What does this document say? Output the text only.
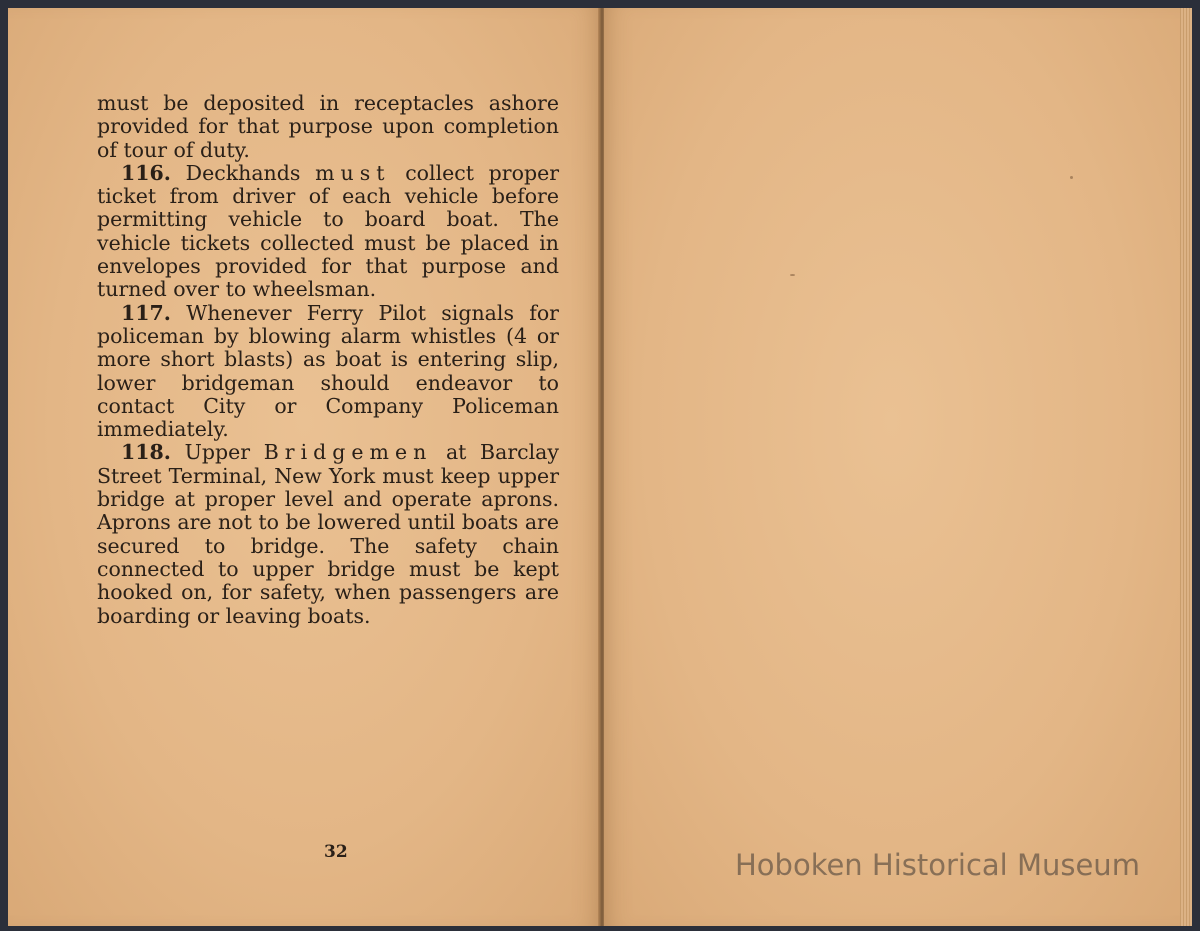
must be deposited in receptacles ashore provided for that purpose upon completion of tour of duty.

116. Deckhands must collect proper ticket from driver of each vehicle before permitting vehicle to board boat. The vehicle tickets collected must be placed in envelopes provided for that purpose and turned over to wheelsman.

117. Whenever Ferry Pilot signals for policeman by blowing alarm whistles (4 or more short blasts) as boat is entering slip, lower bridgeman should endeavor to contact City or Company Policeman immediately.

118. Upper Bridgemen at Barclay Street Terminal, New York must keep upper bridge at proper level and operate aprons. Aprons are not to be lowered until boats are secured to bridge. The safety chain connected to upper bridge must be kept hooked on, for safety, when passengers are boarding or leaving boats.

32	Hoboken Historical Museum
